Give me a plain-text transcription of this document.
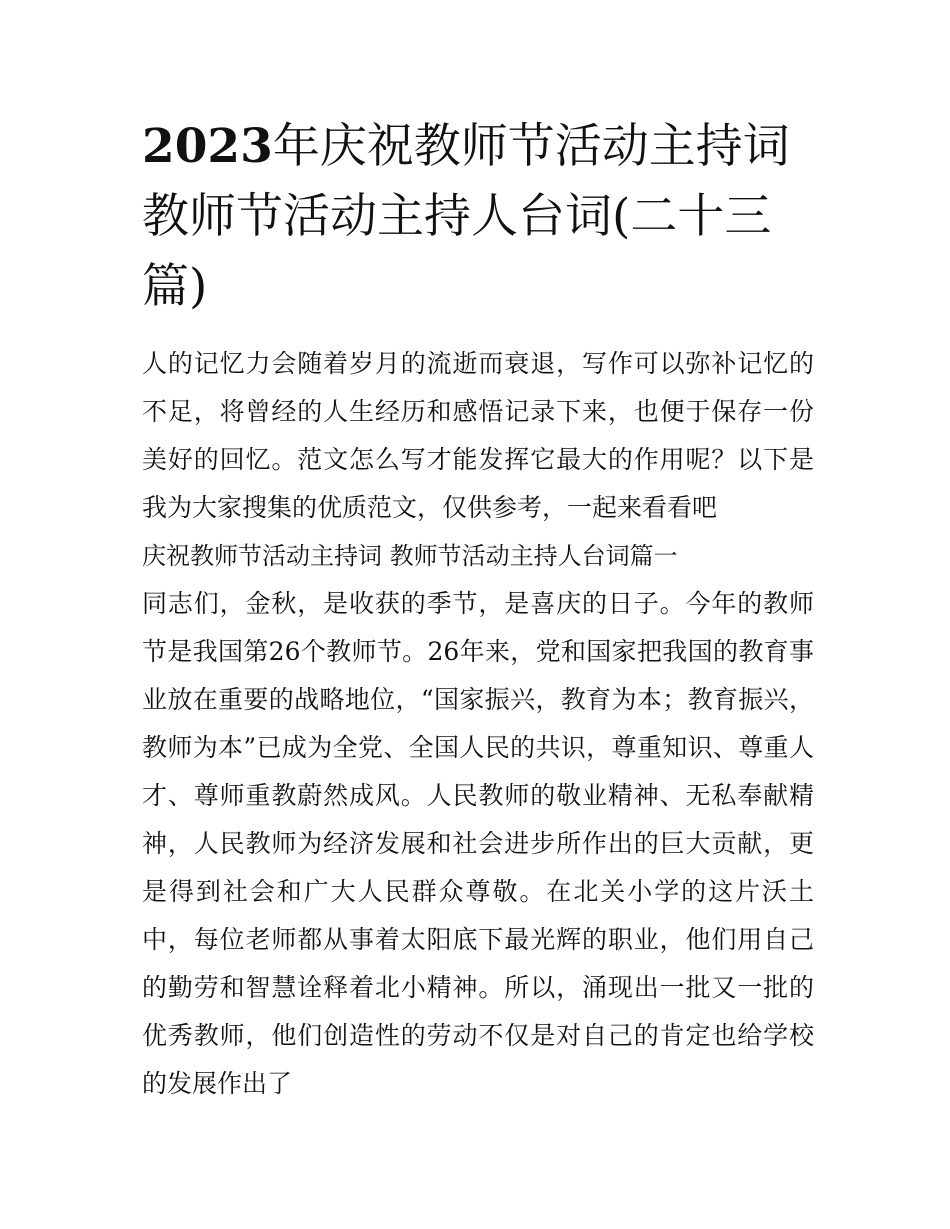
2023年庆祝教师节活动主持词 教师节活动主持人台词(二十三篇)

人的记忆力会随着岁月的流逝而衰退，写作可以弥补记忆的不足，将曾经的人生经历和感悟记录下来，也便于保存一份美好的回忆。范文怎么写才能发挥它最大的作用呢？以下是我为大家搜集的优质范文，仅供参考，一起来看看吧

庆祝教师节活动主持词 教师节活动主持人台词篇一

同志们，金秋，是收获的季节，是喜庆的日子。今年的教师节是我国第26个教师节。26年来，党和国家把我国的教育事业放在重要的战略地位，“国家振兴，教育为本；教育振兴，教师为本”已成为全党、全国人民的共识，尊重知识、尊重人才、尊师重教蔚然成风。人民教师的敬业精神、无私奉献精神，人民教师为经济发展和社会进步所作出的巨大贡献，更是得到社会和广大人民群众尊敬。在北关小学的这片沃土中，每位老师都从事着太阳底下最光辉的职业，他们用自己的勤劳和智慧诠释着北小精神。所以，涌现出一批又一批的优秀教师，他们创造性的劳动不仅是对自己的肯定也给学校的发展作出了
